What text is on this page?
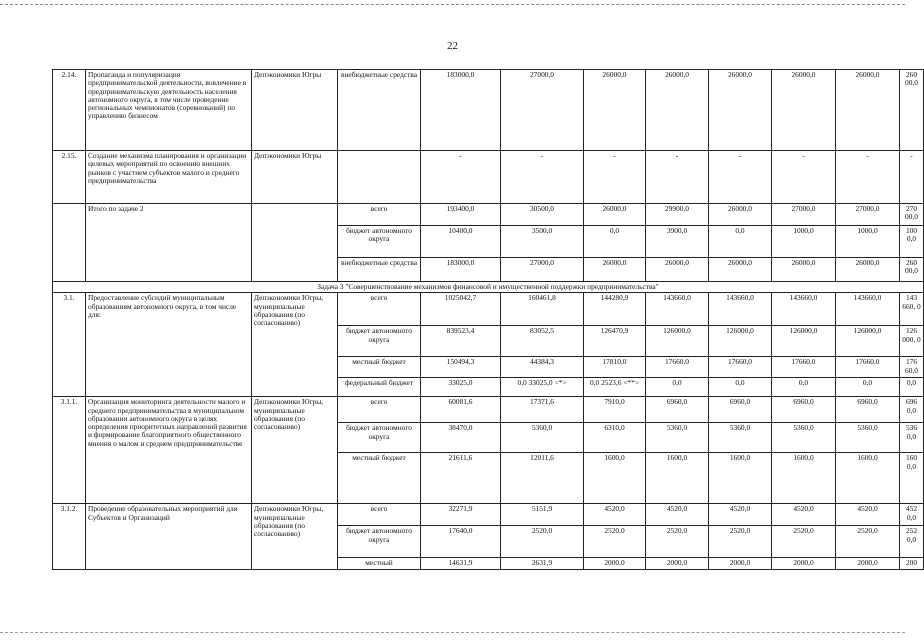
22
2.14.	Пропаганда и популяризация предпринимательской деятельности, вовлечение в предпринимательскую деятельность населения автономного округа, в том числе проведение региональных чемпионатов (соревнований) по управлению бизнесом	Депэкономики Югры	внебюджетные средства	183000,0	27000,0	26000,0	26000,0	26000,0	26000,0	26000,0	260 00,0
2.15.	Создание механизма планирования и организации целевых мероприятий по освоению внешних рынков с участием субъектов малого и среднего предпринимательства	Депэкономики Югры		-	-	-	-	-	-	-	-
	Итого по задаче 2		всего	193400,0	30500,0	26000,0	29900,0	26000,0	27000,0	27000,0	270 00,0
			бюджет автономного округа	10400,0	3500,0	0,0	3900,0	0,0	1000,0	1000,0	100 0,0
			внебюджетные средства	183000,0	27000,0	26000,0	26000,0	26000,0	26000,0	26000,0	260 00,0
Задача 3 "Совершенствование механизмов финансовой и имущественной поддержки предпринимательства"											
3.1.	Предоставление субсидий муниципальным образованиям автономного округа, в том числе для:	Депэкономики Югры, муниципальные образования (по согласованию)	всего	1025042,7	160461,8	144280,9	143660,0	143660,0	143660,0	143660,0	143 660, 0
			бюджет автономного округа	839523,4	83052,5	126470,9	126000,0	126000,0	126000,0	126000,0	126 000, 0
			местный бюджет	150494,3	44384,3	17810,0	17660,0	17660,0	17660,0	17660,0	176 60,0
			федеральный бюджет	33025,0	0,0 33025,0 <*>	0,0 2523,6 <**>	0,0	0,0	0,0	0,0	0,0
3.1.1.	Организация мониторинга деятельности малого и среднего предпринимательства в муниципальном образовании автономного округа в целях определения приоритетных направлений развития и формирование благоприятного общественного мнения о малом и среднем предпринимательстве	Депэкономики Югры, муниципальные образования (по согласованию)	всего	60081,6	17371,6	7910,0	6960,0	6960,0	6960,0	6960,0	696 0,0
			бюджет автономного округа	38470,0	5360,0	6310,0	5360,0	5360,0	5360,0	5360,0	536 0,0
			местный бюджет	21611,6	12011,6	1600,0	1600,0	1600,0	1600,0	1600,0	160 0,0
3.1.2.	Проведение образовательных мероприятий для Субъектов и Организаций	Депэкономики Югры, муниципальные образования (по согласованию)	всего	32271,9	5151,9	4520,0	4520,0	4520,0	4520,0	4520,0	452 0,0
			бюджет автономного округа	17640,0	2520,0	2520,0	2520,0	2520,0	2520,0	2520,0	252 0,0
			местный	14631,9	2631,9	2000,0	2000,0	2000,0	2000,0	2000,0	200
